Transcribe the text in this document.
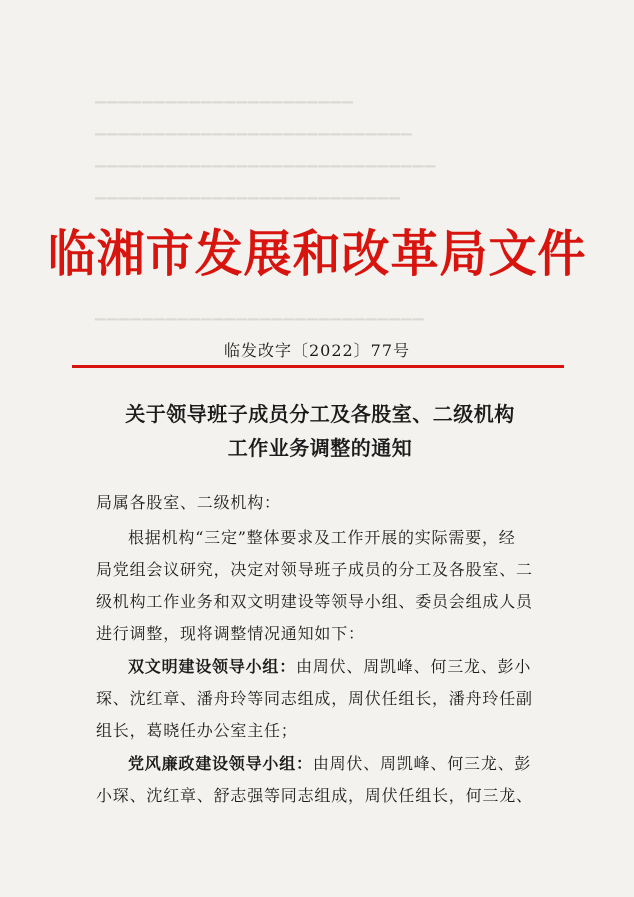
▁▁▁▁▁▁▁▁▁▁▁▁▁▁▁▁▁▁▁▁▁▁
▁▁▁▁▁▁▁▁▁▁▁▁▁▁▁▁▁▁▁▁▁▁▁▁▁▁▁
▁▁▁▁▁▁▁▁▁▁▁▁▁▁▁▁▁▁▁▁▁▁▁▁▁▁▁▁▁
▁▁▁▁▁▁▁▁▁▁▁▁▁▁▁▁▁▁▁▁▁▁▁▁▁▁
▁▁▁▁▁▁▁▁▁▁▁▁▁▁▁▁▁▁▁▁▁▁▁▁▁▁▁▁
临湘市发展和改革局文件
临发改字〔2022〕77号
关于领导班子成员分工及各股室、二级机构
工作业务调整的通知
局属各股室、二级机构：
根据机构“三定”整体要求及工作开展的实际需要，经
局党组会议研究，决定对领导班子成员的分工及各股室、二
级机构工作业务和双文明建设等领导小组、委员会组成人员
进行调整，现将调整情况通知如下：
双文明建设领导小组：由周伏、周凯峰、何三龙、彭小
琛、沈红章、潘舟玲等同志组成，周伏任组长，潘舟玲任副
组长，葛晓任办公室主任；
党风廉政建设领导小组：由周伏、周凯峰、何三龙、彭
小琛、沈红章、舒志强等同志组成，周伏任组长，何三龙、
